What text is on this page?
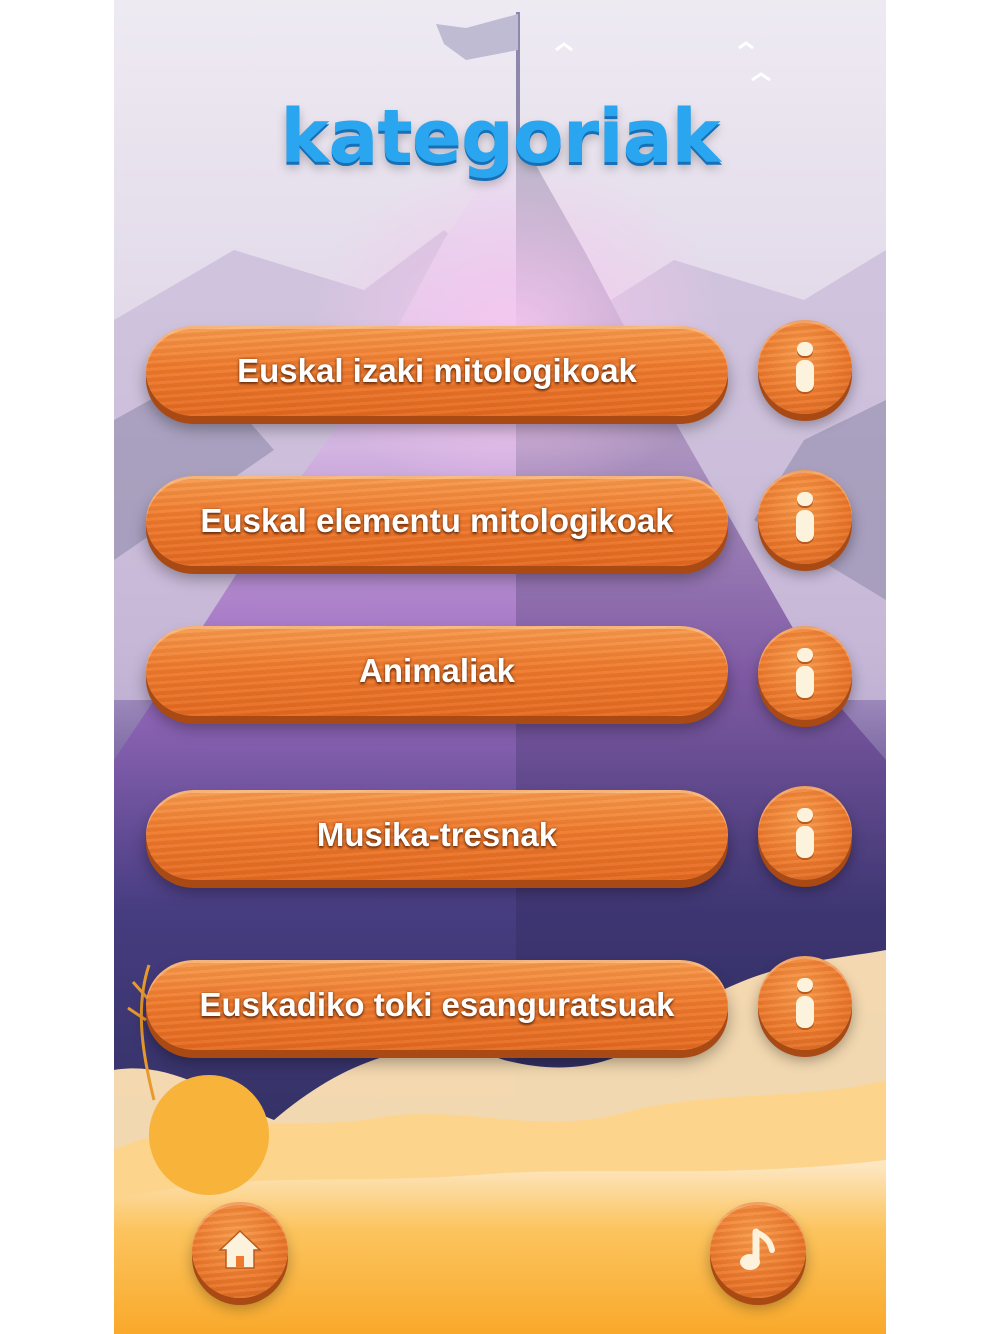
kategoriak
Euskal izaki mitologikoak
Euskal elementu mitologikoak
Animaliak
Musika-tresnak
Euskadiko toki esanguratsuak
